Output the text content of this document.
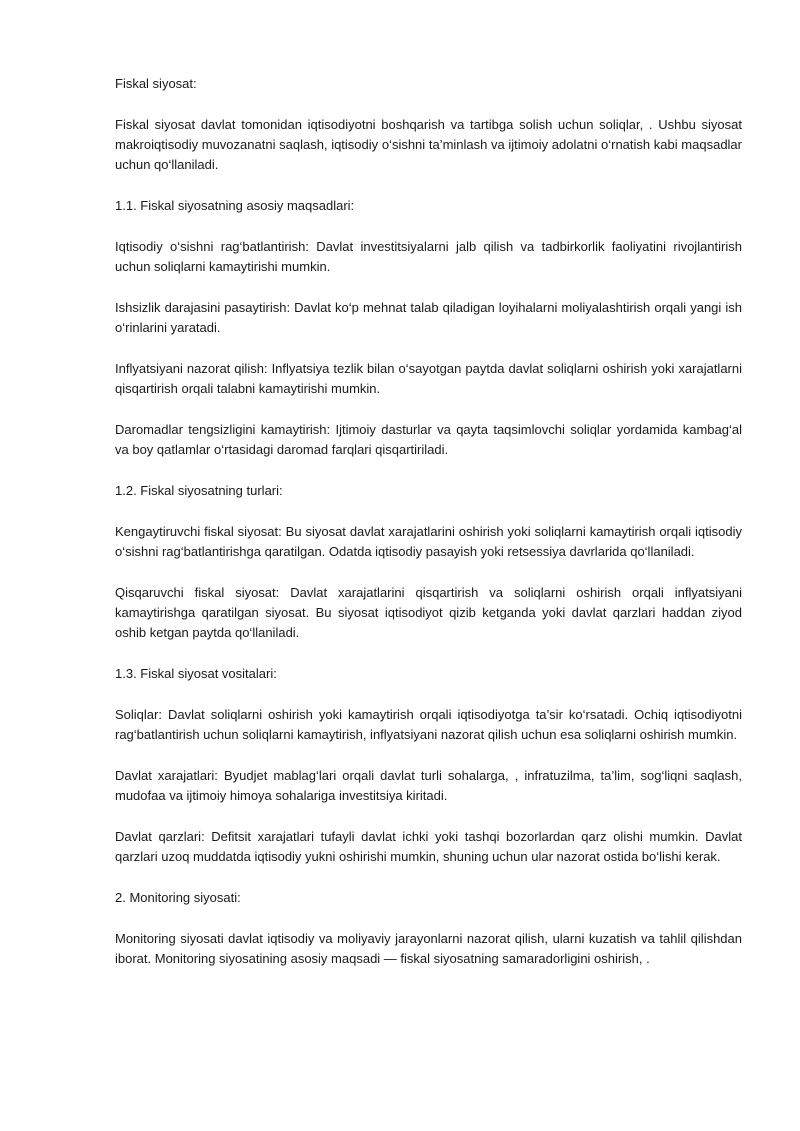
Fiskal siyosat:

Fiskal siyosat davlat tomonidan iqtisodiyotni boshqarish va tartibga solish uchun soliqlar, . Ushbu siyosat makroiqtisodiy muvozanatni saqlash, iqtisodiy o‘sishni ta’minlash va ijtimoiy adolatni o‘rnatish kabi maqsadlar uchun qo‘llaniladi.

1.1. Fiskal siyosatning asosiy maqsadlari:

Iqtisodiy o‘sishni rag‘batlantirish: Davlat investitsiyalarni jalb qilish va tadbirkorlik faoliyatini rivojlantirish uchun soliqlarni kamaytirishi mumkin.

Ishsizlik darajasini pasaytirish: Davlat ko‘p mehnat talab qiladigan loyihalarni moliyalashtirish orqali yangi ish o‘rinlarini yaratadi.

Inflyatsiyani nazorat qilish: Inflyatsiya tezlik bilan o‘sayotgan paytda davlat soliqlarni oshirish yoki xarajatlarni qisqartirish orqali talabni kamaytirishi mumkin.

Daromadlar tengsizligini kamaytirish: Ijtimoiy dasturlar va qayta taqsimlovchi soliqlar yordamida kambag‘al va boy qatlamlar o‘rtasidagi daromad farqlari qisqartiriladi.

1.2. Fiskal siyosatning turlari:

Kengaytiruvchi fiskal siyosat: Bu siyosat davlat xarajatlarini oshirish yoki soliqlarni kamaytirish orqali iqtisodiy o‘sishni rag‘batlantirishga qaratilgan. Odatda iqtisodiy pasayish yoki retsessiya davrlarida qo‘llaniladi.

Qisqaruvchi fiskal siyosat: Davlat xarajatlarini qisqartirish va soliqlarni oshirish orqali inflyatsiyani kamaytirishga qaratilgan siyosat. Bu siyosat iqtisodiyot qizib ketganda yoki davlat qarzlari haddan ziyod oshib ketgan paytda qo‘llaniladi.

1.3. Fiskal siyosat vositalari:

Soliqlar: Davlat soliqlarni oshirish yoki kamaytirish orqali iqtisodiyotga ta’sir ko‘rsatadi. Ochiq iqtisodiyotni rag‘batlantirish uchun soliqlarni kamaytirish, inflyatsiyani nazorat qilish uchun esa soliqlarni oshirish mumkin.

Davlat xarajatlari: Byudjet mablag‘lari orqali davlat turli sohalarga, , infratuzilma, ta’lim, sog‘liqni saqlash, mudofaa va ijtimoiy himoya sohalariga investitsiya kiritadi.

Davlat qarzlari: Defitsit xarajatlari tufayli davlat ichki yoki tashqi bozorlardan qarz olishi mumkin. Davlat qarzlari uzoq muddatda iqtisodiy yukni oshirishi mumkin, shuning uchun ular nazorat ostida bo‘lishi kerak.

2. Monitoring siyosati:

Monitoring siyosati davlat iqtisodiy va moliyaviy jarayonlarni nazorat qilish, ularni kuzatish va tahlil qilishdan iborat. Monitoring siyosatining asosiy maqsadi — fiskal siyosatning samaradorligini oshirish, .
